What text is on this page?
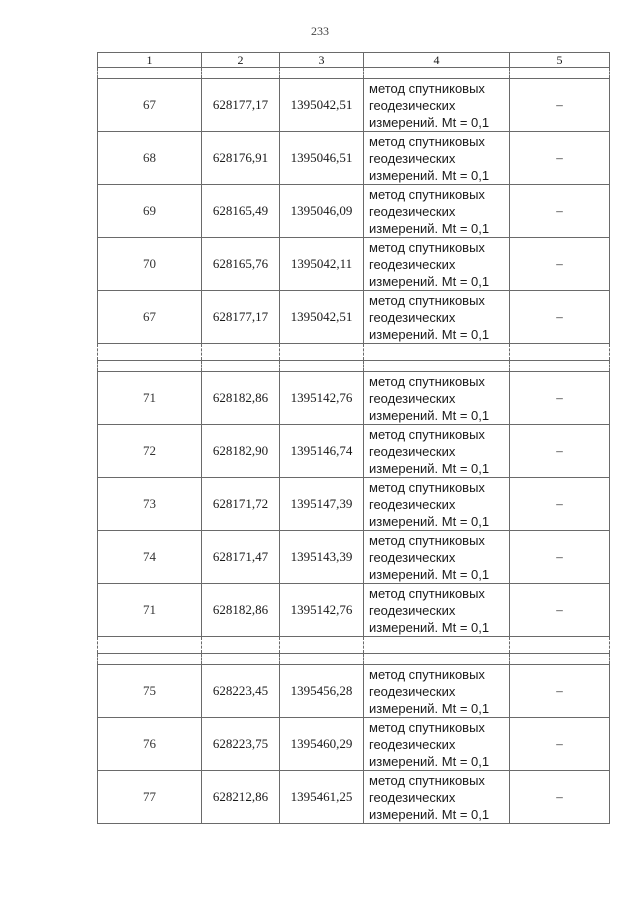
233
1	2	3	4	5

67	628177,17	1395042,51	метод спутниковых
геодезических
измерений. Mt = 0,1	–
68	628176,91	1395046,51	метод спутниковых
геодезических
измерений. Mt = 0,1	–
69	628165,49	1395046,09	метод спутниковых
геодезических
измерений. Mt = 0,1	–
70	628165,76	1395042,11	метод спутниковых
геодезических
измерений. Mt = 0,1	–
67	628177,17	1395042,51	метод спутниковых
геодезических
измерений. Mt = 0,1	–

71	628182,86	1395142,76	метод спутниковых
геодезических
измерений. Mt = 0,1	–
72	628182,90	1395146,74	метод спутниковых
геодезических
измерений. Mt = 0,1	–
73	628171,72	1395147,39	метод спутниковых
геодезических
измерений. Mt = 0,1	–
74	628171,47	1395143,39	метод спутниковых
геодезических
измерений. Mt = 0,1	–
71	628182,86	1395142,76	метод спутниковых
геодезических
измерений. Mt = 0,1	–

75	628223,45	1395456,28	метод спутниковых
геодезических
измерений. Mt = 0,1	–
76	628223,75	1395460,29	метод спутниковых
геодезических
измерений. Mt = 0,1	–
77	628212,86	1395461,25	метод спутниковых
геодезических
измерений. Mt = 0,1	–
